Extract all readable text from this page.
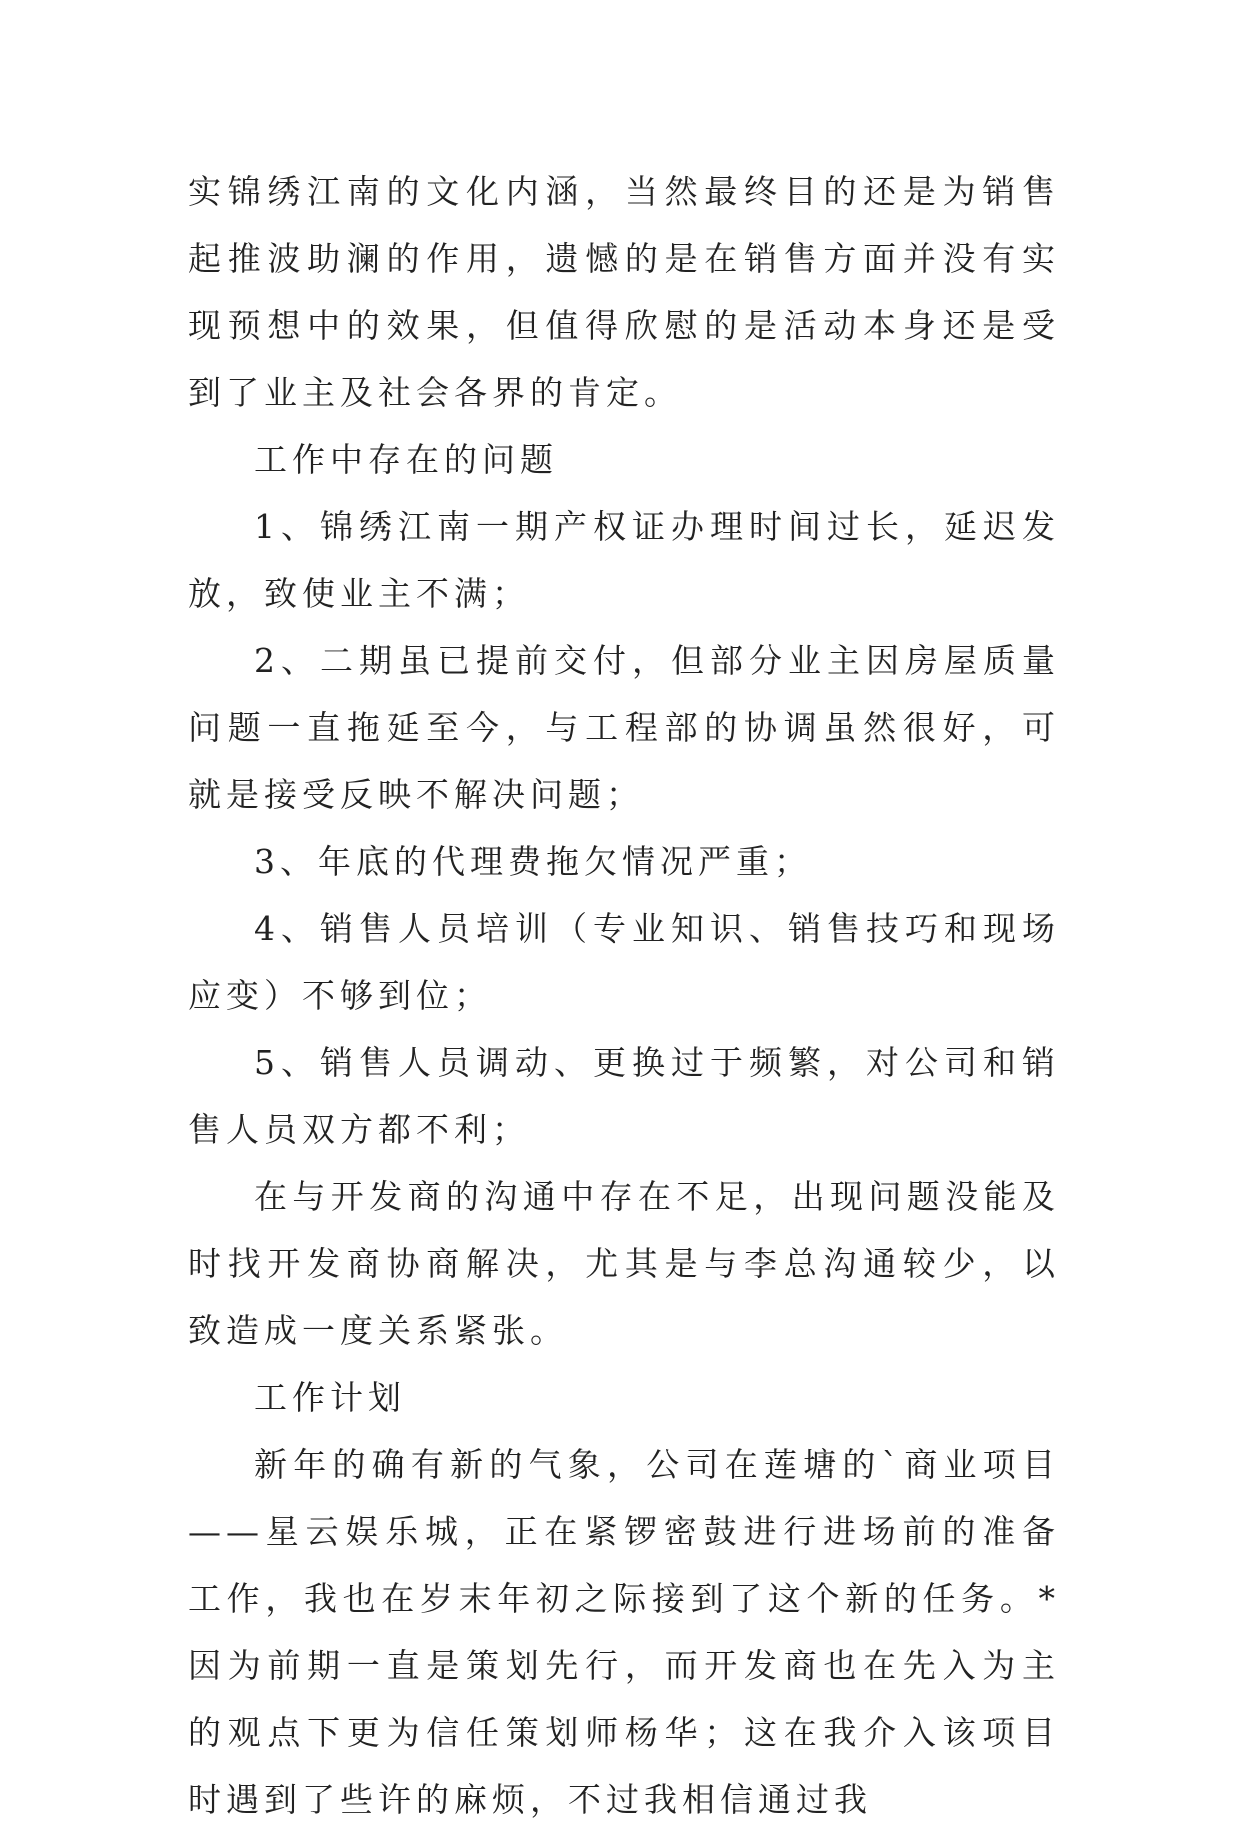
实锦绣江南的文化内涵，当然最终目的还是为销售起推波助澜的作用，遗憾的是在销售方面并没有实现预想中的效果，但值得欣慰的是活动本身还是受到了业主及社会各界的肯定。

工作中存在的问题

1、锦绣江南一期产权证办理时间过长，延迟发放，致使业主不满；

2、二期虽已提前交付，但部分业主因房屋质量问题一直拖延至今，与工程部的协调虽然很好，可就是接受反映不解决问题；

3、年底的代理费拖欠情况严重；

4、销售人员培训（专业知识、销售技巧和现场应变）不够到位；

5、销售人员调动、更换过于频繁，对公司和销售人员双方都不利；

在与开发商的沟通中存在不足，出现问题没能及时找开发商协商解决，尤其是与李总沟通较少，以致造成一度关系紧张。

工作计划

新年的确有新的气象，公司在莲塘的`商业项目——星云娱乐城，正在紧锣密鼓进行进场前的准备工作，我也在岁末年初之际接到了这个新的任务。*因为前期一直是策划先行，而开发商也在先入为主的观点下更为信任策划师杨华；这在我介入该项目时遇到了些许的麻烦，不过我相信通过我
